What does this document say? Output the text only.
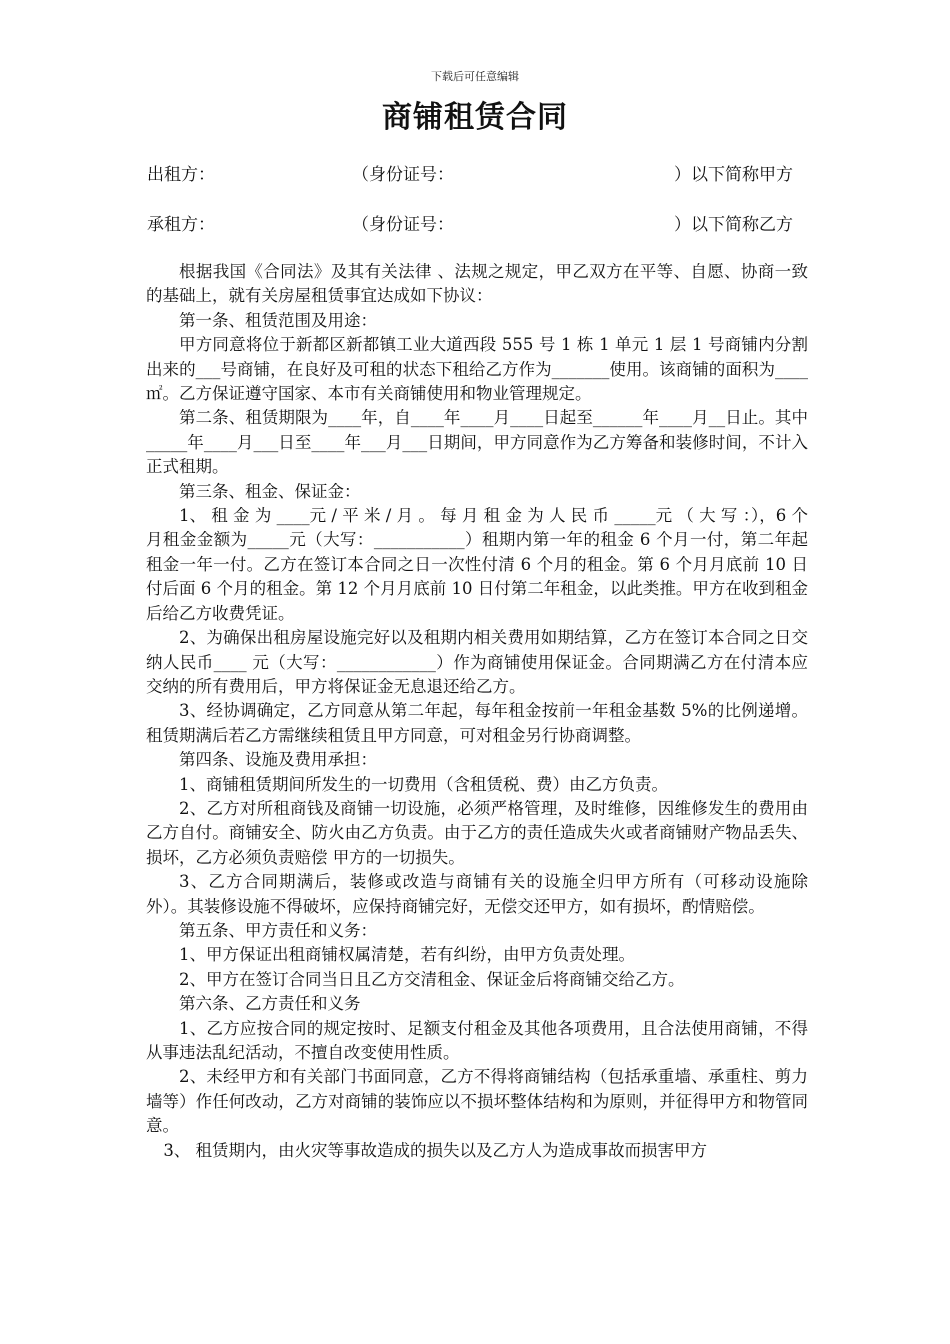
下载后可任意编辑
商铺租赁合同
出租方：	（身份证号：	）以下简称甲方
承租方：	（身份证号：	）以下简称乙方

根据我国《合同法》及其有关法律 、法规之规定，甲乙双方在平等、自愿、协商一致的基础上，就有关房屋租赁事宜达成如下协议：

第一条、租赁范围及用途：

甲方同意将位于新都区新都镇工业大道西段 555 号 1 栋 1 单元 1 层 1 号商铺内分割出来的___号商铺，在良好及可租的状态下租给乙方作为_______使用。该商铺的面积为____㎡。乙方保证遵守国家、本市有关商铺使用和物业管理规定。

第二条、租赁期限为____年，自____年____月____日起至______年____月__日止。其中_____年____月___日至____年___月___日期间，甲方同意作为乙方筹备和装修时间，不计入正式租期。

第三条、租金、保证金：

1、 租 金 为 ____元 / 平 米 / 月 。 每 月 租 金 为 人 民 币 _____元 （ 大 写 ：），6 个月租金金额为_____元（大写：___________）租期内第一年的租金 6 个月一付，第二年起租金一年一付。乙方在签订本合同之日一次性付清 6 个月的租金。第 6 个月月底前 10 日付后面 6 个月的租金。第 12 个月月底前 10 日付第二年租金，以此类推。甲方在收到租金后给乙方收费凭证。

2、为确保出租房屋设施完好以及租期内相关费用如期结算，乙方在签订本合同之日交纳人民币____ 元（大写：____________）作为商铺使用保证金。合同期满乙方在付清本应交纳的所有费用后，甲方将保证金无息退还给乙方。

3、经协调确定，乙方同意从第二年起，每年租金按前一年租金基数 5%的比例递增。租赁期满后若乙方需继续租赁且甲方同意，可对租金另行协商调整。

第四条、设施及费用承担：

1、商铺租赁期间所发生的一切费用（含租赁税、费）由乙方负责。

2、乙方对所租商钱及商铺一切设施，必须严格管理，及时维修，因维修发生的费用由乙方自付。商铺安全、防火由乙方负责。由于乙方的责任造成失火或者商铺财产物品丢失、损坏，乙方必须负责赔偿 甲方的一切损失。

3、乙方合同期满后，装修或改造与商铺有关的设施全归甲方所有（可移动设施除外）。其装修设施不得破坏，应保持商铺完好，无偿交还甲方，如有损坏，酌情赔偿。

第五条、甲方责任和义务：

1、甲方保证出租商铺权属清楚，若有纠纷，由甲方负责处理。

2、甲方在签订合同当日且乙方交清租金、保证金后将商铺交给乙方。

第六条、乙方责任和义务

1、乙方应按合同的规定按时、足额支付租金及其他各项费用，且合法使用商铺，不得从事违法乱纪活动，不擅自改变使用性质。

2、未经甲方和有关部门书面同意，乙方不得将商铺结构（包括承重墙、承重柱、剪力墙等）作任何改动，乙方对商铺的装饰应以不损坏整体结构和为原则，并征得甲方和物管同意。

3、 租赁期内，由火灾等事故造成的损失以及乙方人为造成事故而损害甲方
